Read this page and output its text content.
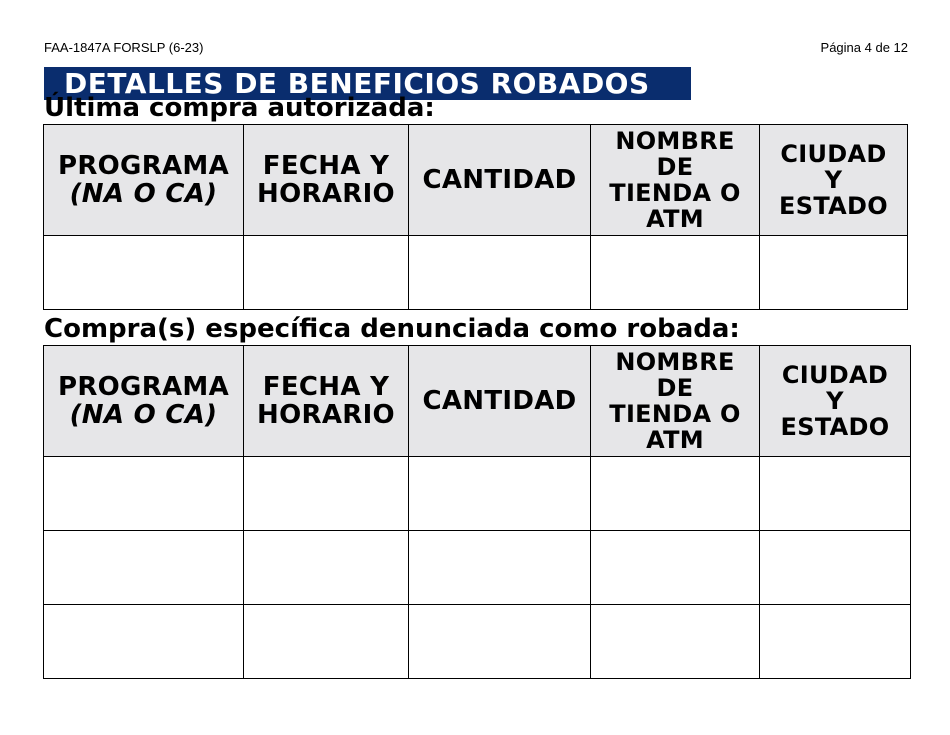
FAA-1847A FORSLP (6-23)	Página 4 de 12
DETALLES DE BENEFICIOS ROBADOS
Última compra autorizada:
PROGRAMA
(NA O CA)	FECHA Y
HORARIO	CANTIDAD	NOMBRE
DE
TIENDA O
ATM	CIUDAD
Y
ESTADO

Compra(s) específica denunciada como robada:
PROGRAMA
(NA O CA)	FECHA Y
HORARIO	CANTIDAD	NOMBRE
DE
TIENDA O
ATM	CIUDAD
Y
ESTADO
